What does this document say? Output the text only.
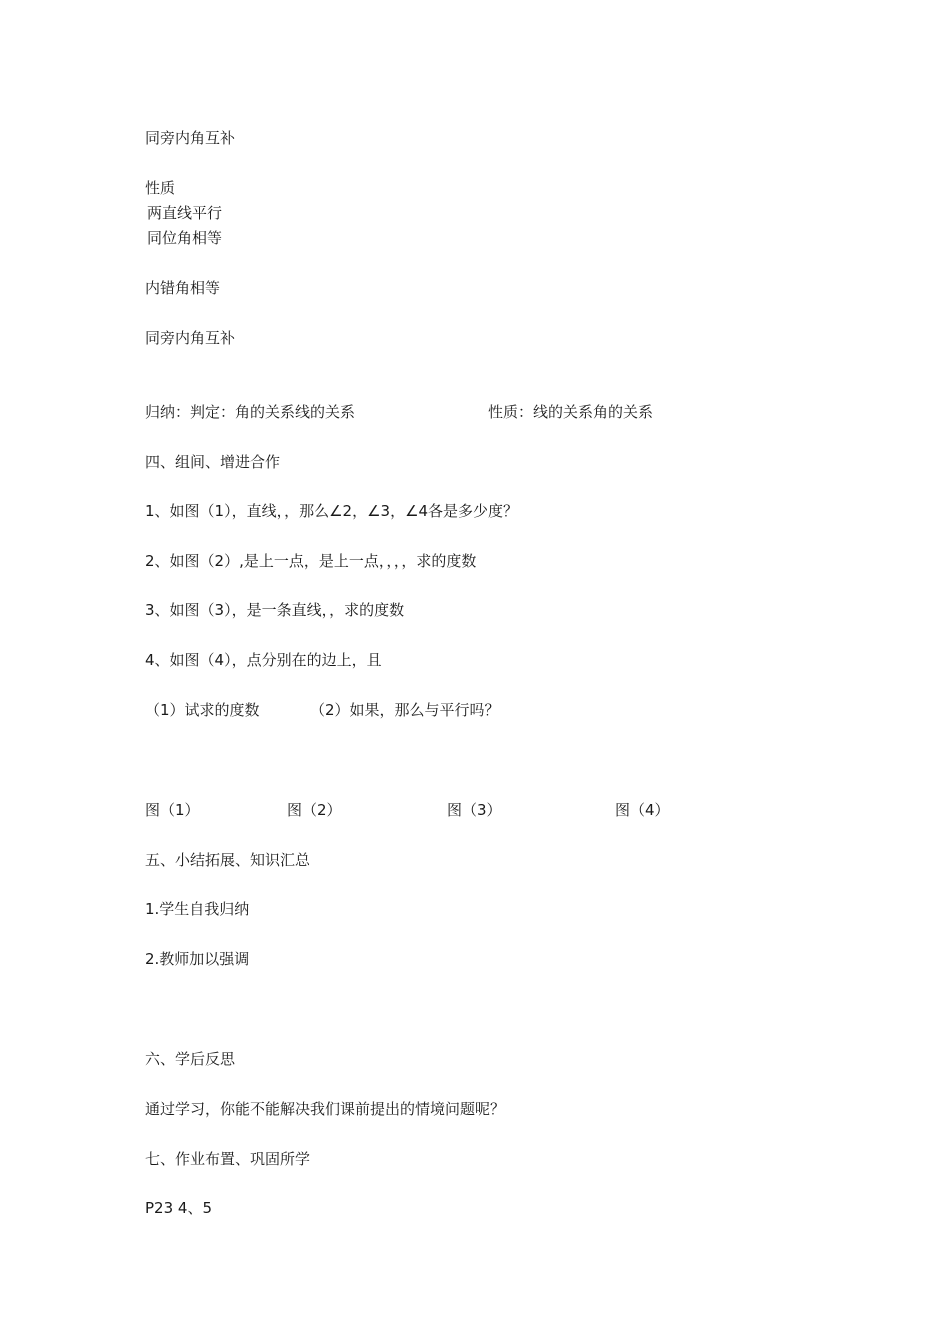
同旁内角互补
性质
两直线平行
同位角相等
内错角相等
同旁内角互补
归纳：判定：角的关系线的关系	性质：线的关系角的关系
四、组间、增进合作
1、如图（1），直线，，那么∠2，∠3，∠4各是多少度？
2、如图（2）,是上一点，是上一点，，，，求的度数
3、如图（3），是一条直线，，求的度数
4、如图（4），点分别在的边上，且
（1）试求的度数	（2）如果，那么与平行吗？
图（1）	图（2）	图（3）	图（4）
五、小结拓展、知识汇总
1.学生自我归纳
2.教师加以强调
六、学后反思
通过学习，你能不能解决我们课前提出的情境问题呢？
七、作业布置、巩固所学
P23 4、5
